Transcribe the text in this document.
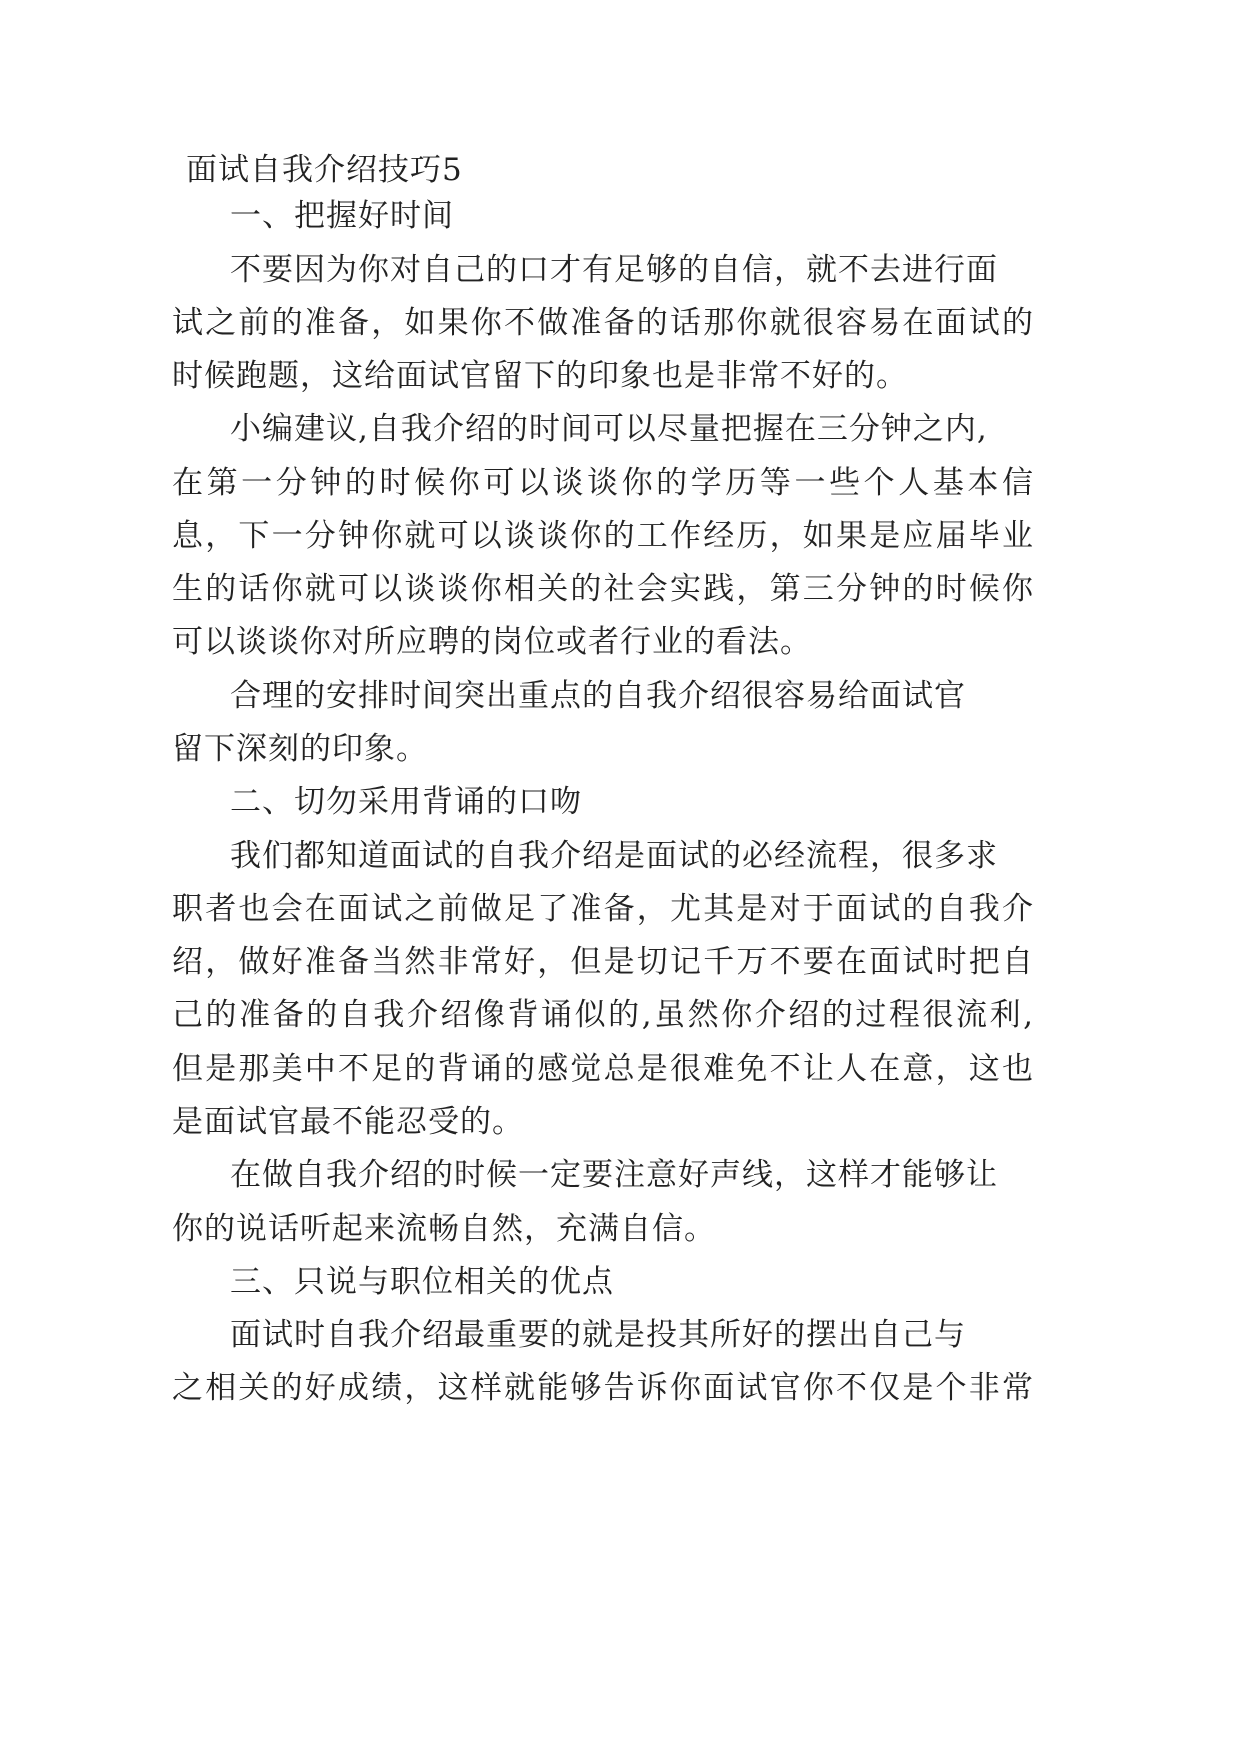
面试自我介绍技巧5
一、把握好时间
不要因为你对自己的口才有足够的自信，就不去进行面
试之前的准备，如果你不做准备的话那你就很容易在面试的
时候跑题，这给面试官留下的印象也是非常不好的。
小编建议,自我介绍的时间可以尽量把握在三分钟之内,
在第一分钟的时候你可以谈谈你的学历等一些个人基本信
息，下一分钟你就可以谈谈你的工作经历，如果是应届毕业
生的话你就可以谈谈你相关的社会实践，第三分钟的时候你
可以谈谈你对所应聘的岗位或者行业的看法。
合理的安排时间突出重点的自我介绍很容易给面试官
留下深刻的印象。
二、切勿采用背诵的口吻
我们都知道面试的自我介绍是面试的必经流程，很多求
职者也会在面试之前做足了准备，尤其是对于面试的自我介
绍，做好准备当然非常好，但是切记千万不要在面试时把自
己的准备的自我介绍像背诵似的,虽然你介绍的过程很流利,
但是那美中不足的背诵的感觉总是很难免不让人在意，这也
是面试官最不能忍受的。
在做自我介绍的时候一定要注意好声线，这样才能够让
你的说话听起来流畅自然，充满自信。
三、只说与职位相关的优点
面试时自我介绍最重要的就是投其所好的摆出自己与
之相关的好成绩，这样就能够告诉你面试官你不仅是个非常
